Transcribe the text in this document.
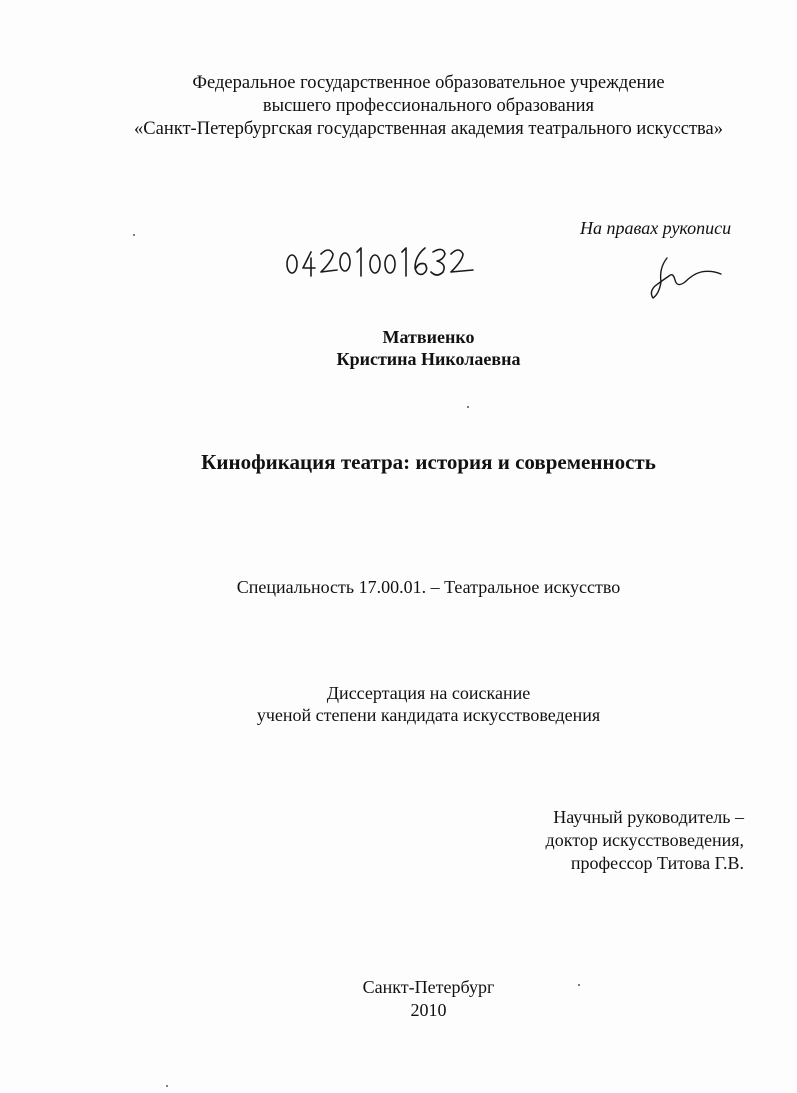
Федеральное государственное образовательное учреждение
высшего профессионального образования
«Санкт-Петербургская государственная академия театрального искусства»
На правах рукописи
Матвиенко
Кристина Николаевна
Кинофикация театра: история и современность
Специальность 17.00.01. – Театральное искусство
Диссертация на соискание
ученой степени кандидата искусствоведения
Научный руководитель –
доктор искусствоведения,
профессор Титова Г.В.
Санкт-Петербург
2010
